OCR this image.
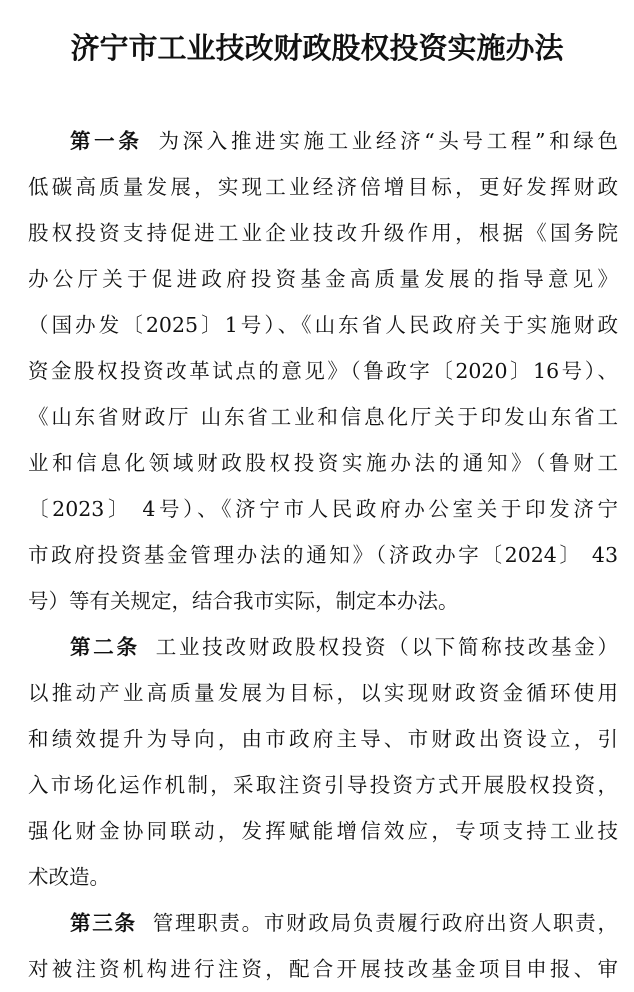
济宁市工业技改财政股权投资实施办法
第一条 为深入推进实施工业经济“头号工程”和绿色
低碳高质量发展，实现工业经济倍增目标，更好发挥财政
股权投资支持促进工业企业技改升级作用，根据《国务院
办公厅关于促进政府投资基金高质量发展的指导意见》
（国办发〔2025〕1号）、《山东省人民政府关于实施财政
资金股权投资改革试点的意见》（鲁政字〔2020〕16号）、
《山东省财政厅 山东省工业和信息化厅关于印发山东省工
业和信息化领域财政股权投资实施办法的通知》（鲁财工
〔2023〕 4号）、《济宁市人民政府办公室关于印发济宁
市政府投资基金管理办法的通知》（济政办字〔2024〕 43
号）等有关规定，结合我市实际，制定本办法。
第二条 工业技改财政股权投资（以下简称技改基金）
以推动产业高质量发展为目标，以实现财政资金循环使用
和绩效提升为导向，由市政府主导、市财政出资设立，引
入市场化运作机制，采取注资引导投资方式开展股权投资，
强化财金协同联动，发挥赋能增信效应，专项支持工业技
术改造。
第三条 管理职责。市财政局负责履行政府出资人职责，
对被注资机构进行注资，配合开展技改基金项目申报、审
